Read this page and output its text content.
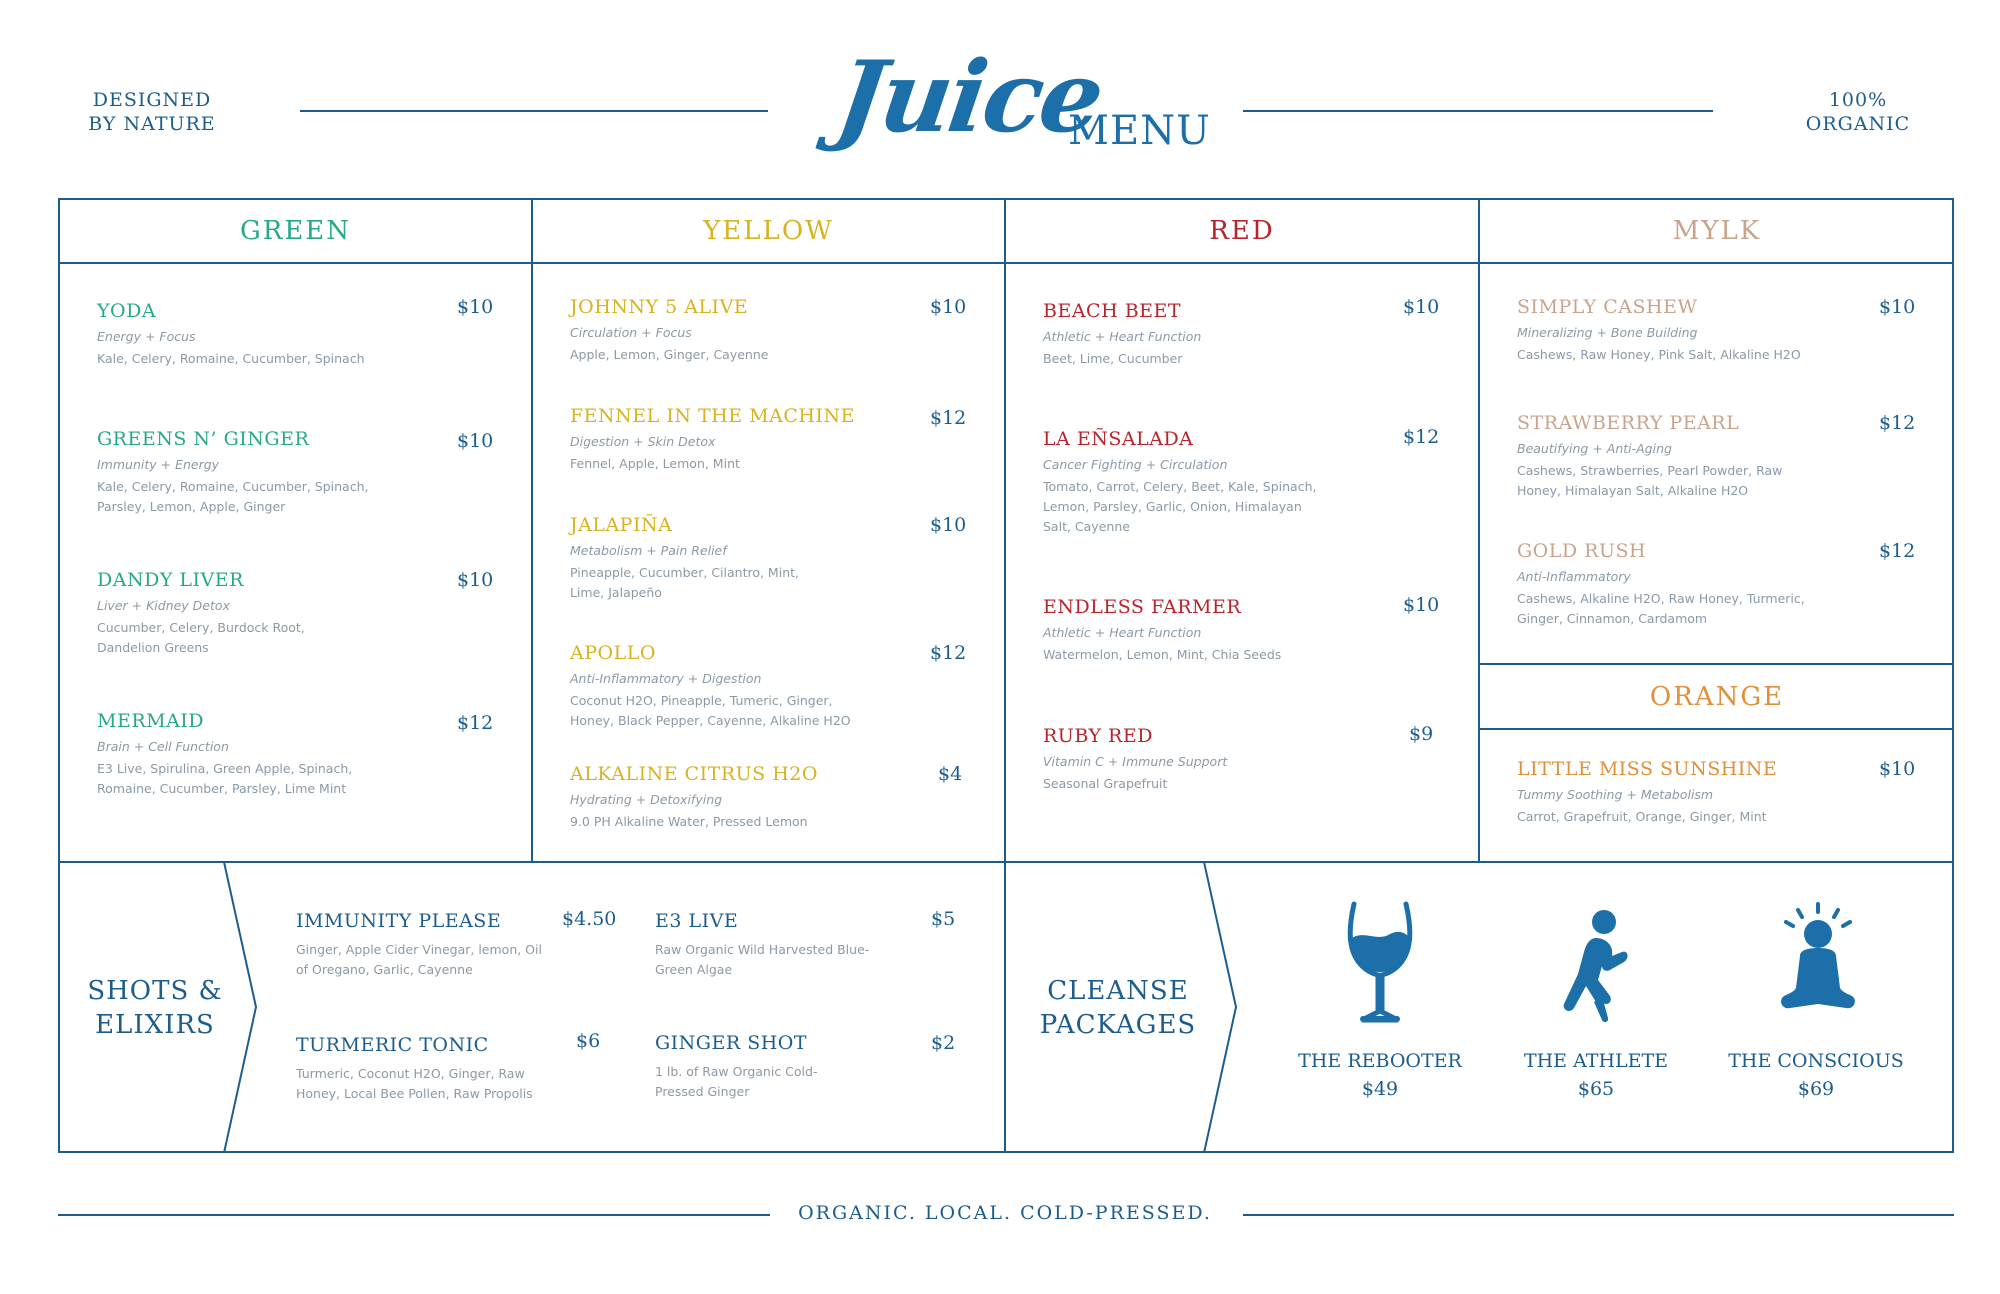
DESIGNED
BY NATURE	Juice
MENU
100%
ORGANIC
GREEN	YELLOW	RED	MYLK
ORANGE
YODA
Energy + Focus
Kale, Celery, Romaine, Cucumber, Spinach
$10
GREENS N’ GINGER
Immunity + Energy
Kale, Celery, Romaine, Cucumber, Spinach, Parsley, Lemon, Apple, Ginger
$10
DANDY LIVER
Liver + Kidney Detox
Cucumber, Celery, Burdock Root, Dandelion Greens
$10
MERMAID
Brain + Cell Function
E3 Live, Spirulina, Green Apple, Spinach, Romaine, Cucumber, Parsley, Lime Mint
$12
JOHNNY 5 ALIVE
Circulation + Focus
Apple, Lemon, Ginger, Cayenne
$10
FENNEL IN THE MACHINE
Digestion + Skin Detox
Fennel, Apple, Lemon, Mint
$12
JALAPIÑA
Metabolism + Pain Relief
Pineapple, Cucumber, Cilantro, Mint, Lime, Jalapeño
$10
APOLLO
Anti-Inflammatory + Digestion
Coconut H2O, Pineapple, Tumeric, Ginger, Honey, Black Pepper, Cayenne, Alkaline H2O
$12
ALKALINE CITRUS H2O
Hydrating + Detoxifying
9.0 PH Alkaline Water, Pressed Lemon
$4
BEACH BEET
Athletic + Heart Function
Beet, Lime, Cucumber
$10
LA EÑSALADA
Cancer Fighting + Circulation
Tomato, Carrot, Celery, Beet, Kale, Spinach, Lemon, Parsley, Garlic, Onion, Himalayan Salt, Cayenne
$12
ENDLESS FARMER
Athletic + Heart Function
Watermelon, Lemon, Mint, Chia Seeds
$10
RUBY RED
Vitamin C + Immune Support
Seasonal Grapefruit
$9
SIMPLY CASHEW
Mineralizing + Bone Building
Cashews, Raw Honey, Pink Salt, Alkaline H2O
$10
STRAWBERRY PEARL
Beautifying + Anti-Aging
Cashews, Strawberries, Pearl Powder, Raw Honey, Himalayan Salt, Alkaline H2O
$12
GOLD RUSH
Anti-Inflammatory
Cashews, Alkaline H2O, Raw Honey, Turmeric, Ginger, Cinnamon, Cardamom
$12
LITTLE MISS SUNSHINE
Tummy Soothing + Metabolism
Carrot, Grapefruit, Orange, Ginger, Mint
$10
SHOTS &
ELIXIRS
IMMUNITY PLEASE
Ginger, Apple Cider Vinegar, lemon, Oil of Oregano, Garlic, Cayenne
$4.50 E3 LIVE
Raw Organic Wild Harvested Blue-Green Algae
$5
TURMERIC TONIC
Turmeric, Coconut H2O, Ginger, Raw Honey, Local Bee Pollen, Raw Propolis
$6	GINGER SHOT
1 lb. of Raw Organic Cold-Pressed Ginger
$2
CLEANSE
PACKAGES
THE REBOOTER
$49
THE ATHLETE
$65
THE CONSCIOUS
$69
ORGANIC. LOCAL. COLD-PRESSED.
